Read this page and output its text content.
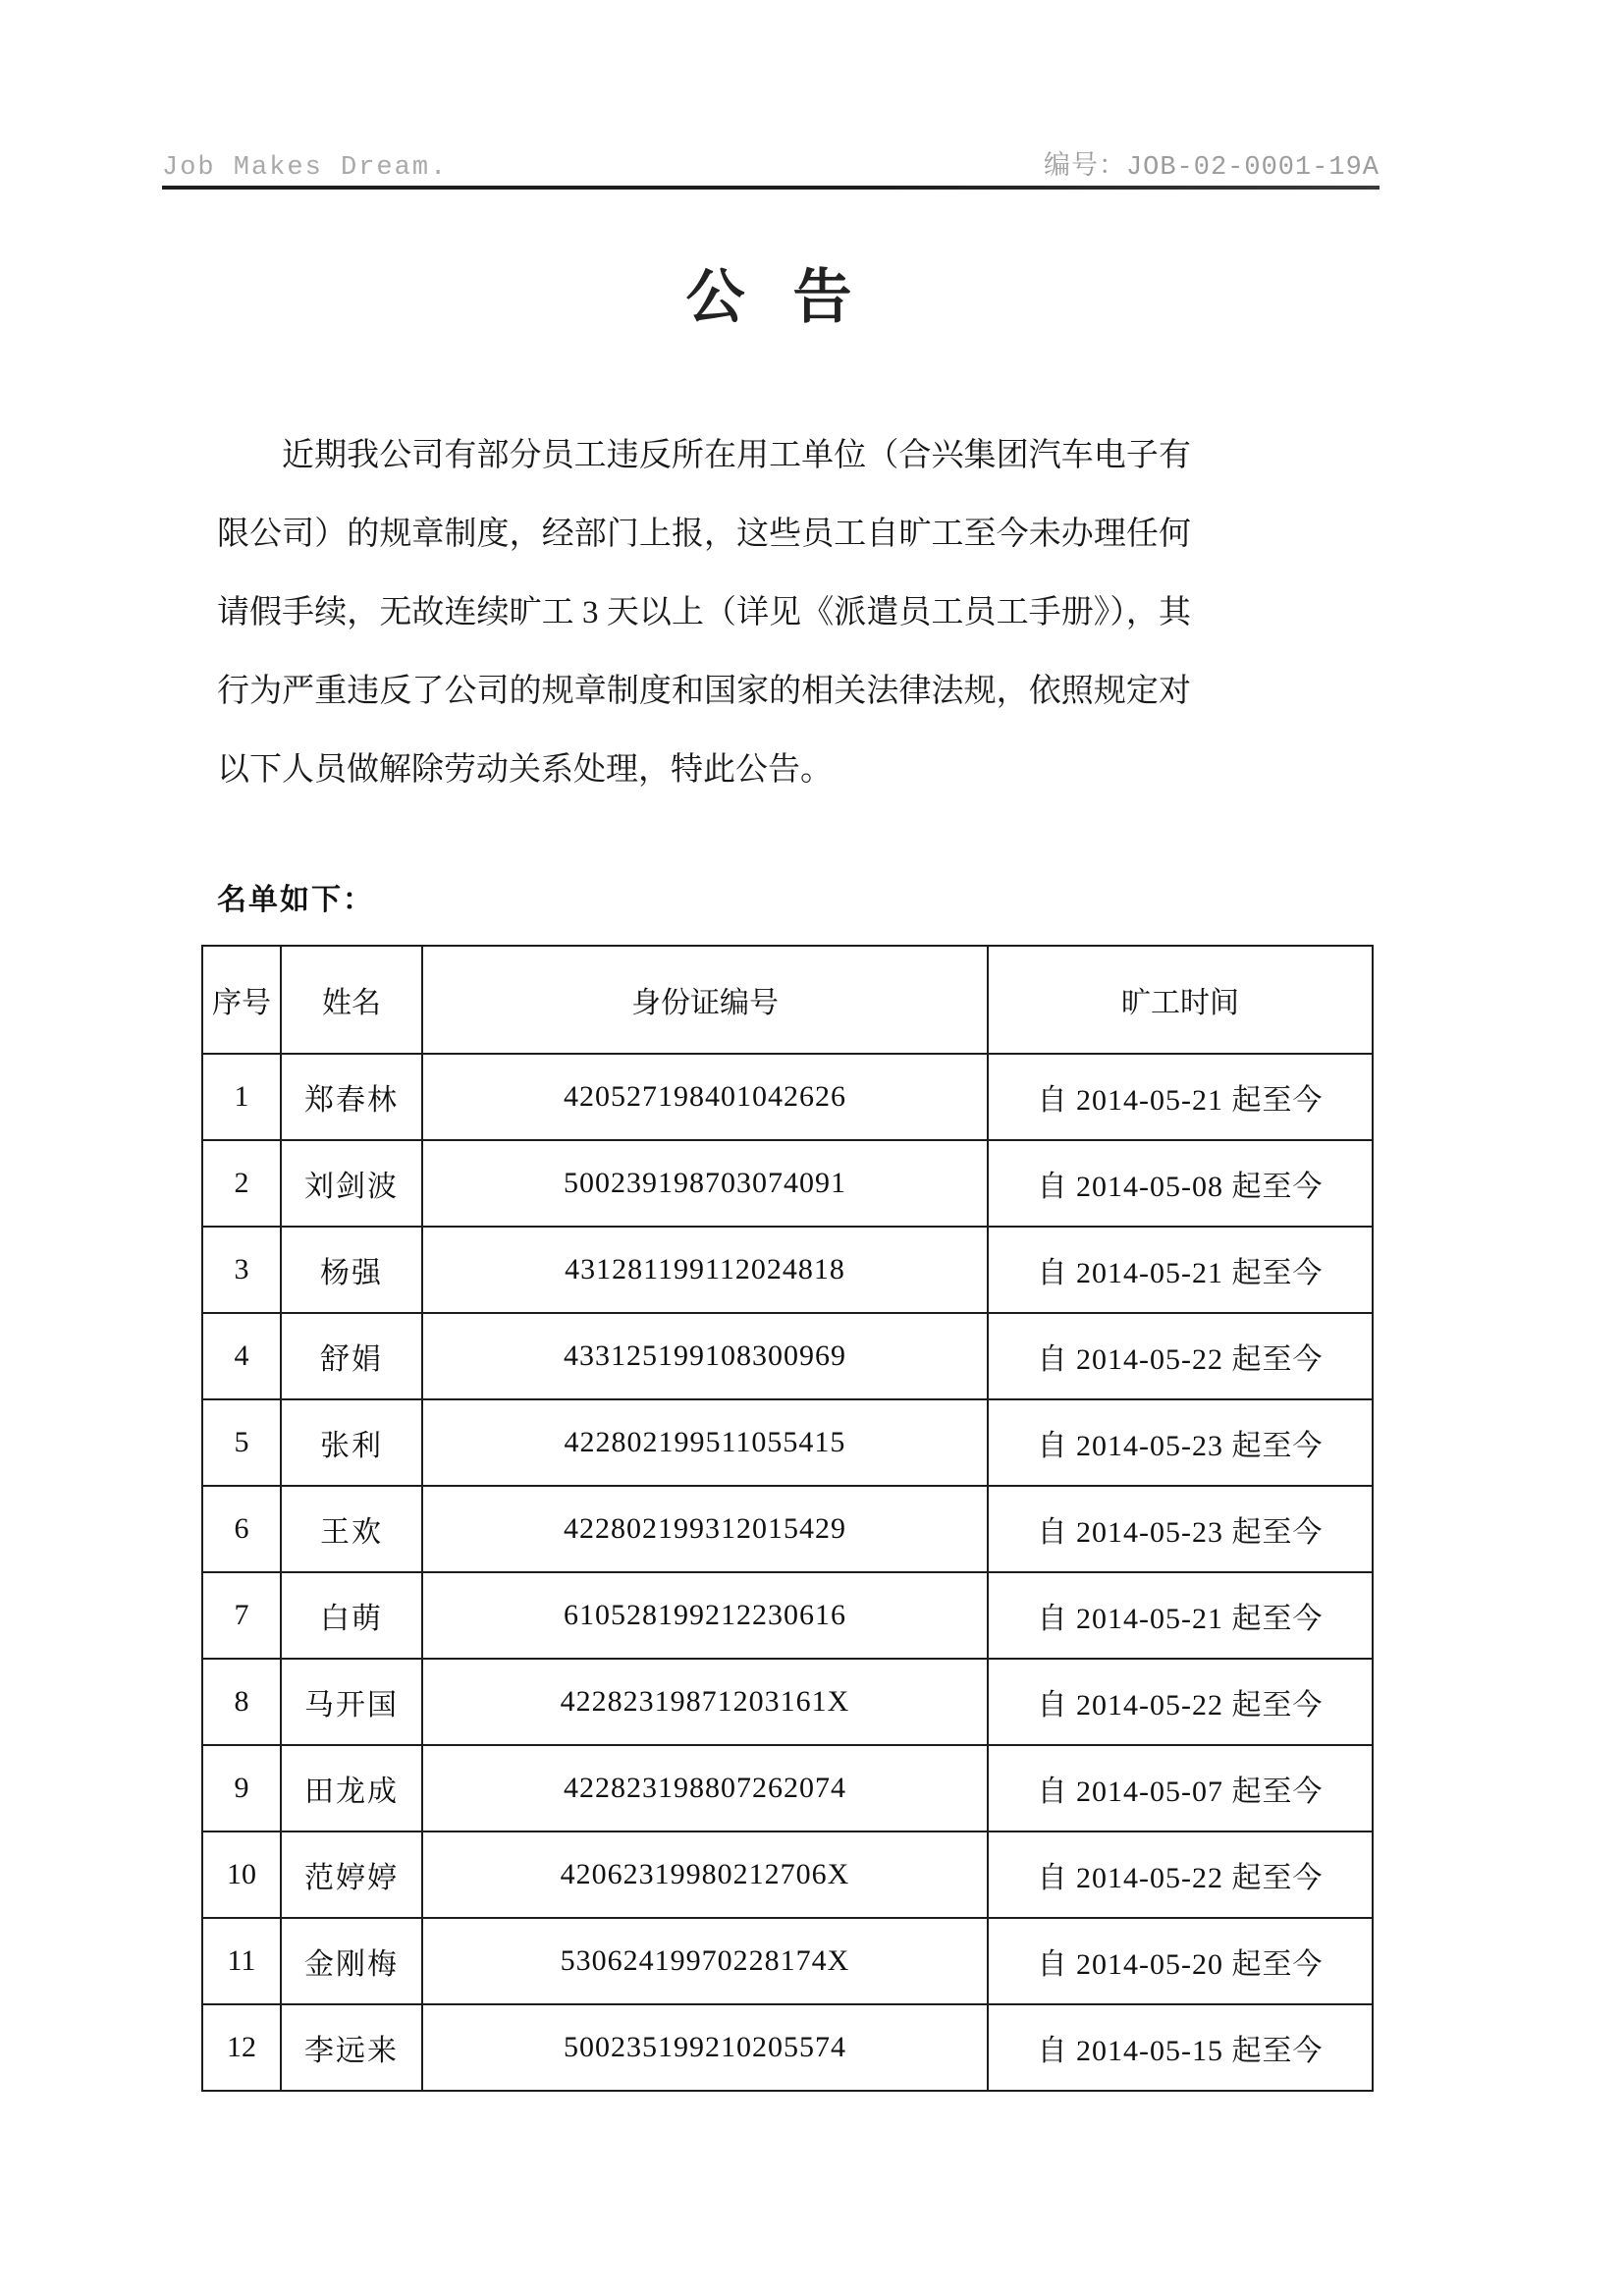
Job Makes Dream.	编号：JOB-02-0001-19A
公 告

近期我公司有部分员工违反所在用工单位（合兴集团汽车电子有限公司）的规章制度，经部门上报，这些员工自旷工至今未办理任何请假手续，无故连续旷工 3 天以上（详见《派遣员工员工手册》），其行为严重违反了公司的规章制度和国家的相关法律法规，依照规定对以下人员做解除劳动关系处理，特此公告。

名单如下：
序号	姓名	身份证编号	旷工时间
1	郑春林	420527198401042626	自 2014-05-21 起至今
2	刘剑波	500239198703074091	自 2014-05-08 起至今
3	杨强	431281199112024818	自 2014-05-21 起至今
4	舒娟	433125199108300969	自 2014-05-22 起至今
5	张利	422802199511055415	自 2014-05-23 起至今
6	王欢	422802199312015429	自 2014-05-23 起至今
7	白萌	610528199212230616	自 2014-05-21 起至今
8	马开国	42282319871203161X	自 2014-05-22 起至今
9	田龙成	422823198807262074	自 2014-05-07 起至今
10	范婷婷	42062319980212706X	自 2014-05-22 起至今
11	金刚梅	53062419970228174X	自 2014-05-20 起至今
12	李远来	500235199210205574	自 2014-05-15 起至今
